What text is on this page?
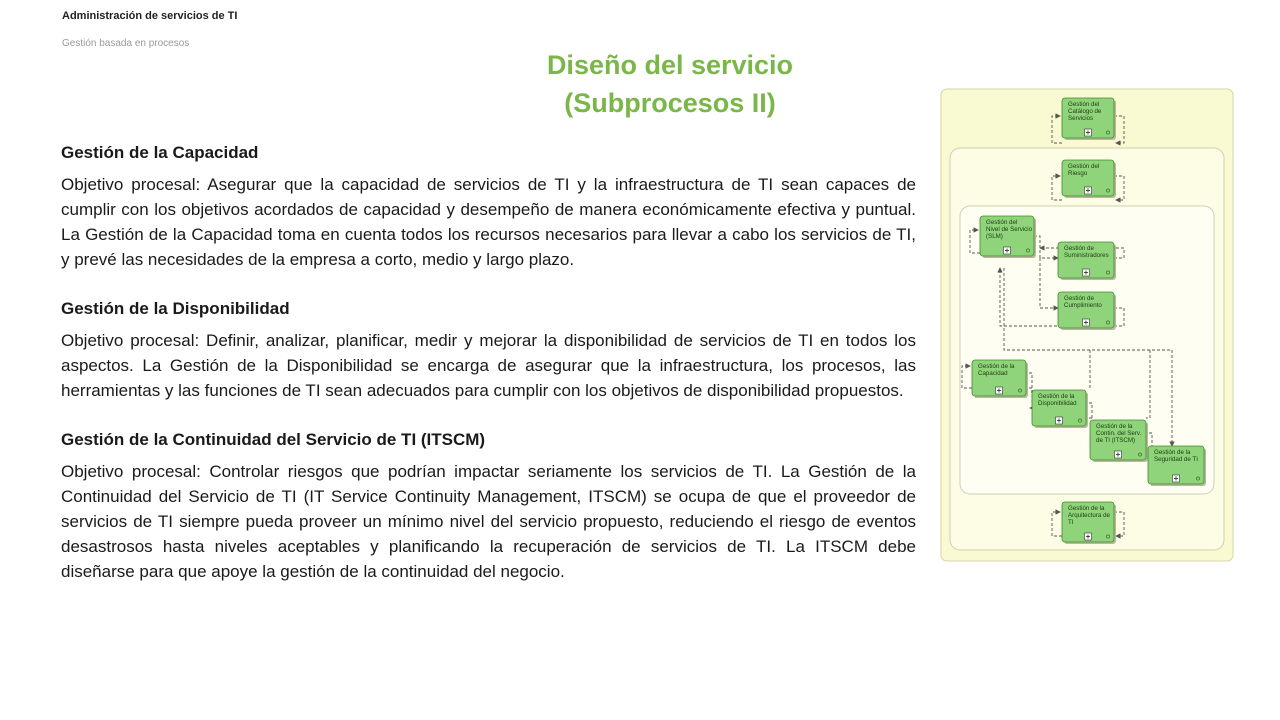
Administración de servicios de TI
Gestión basada en procesos
Diseño del servicio
(Subprocesos II)
Gestión de la Capacidad

Objetivo procesal: Asegurar que la capacidad de servicios de TI y la infraestructura de TI sean capaces de cumplir con los objetivos acordados de capacidad y desempeño de manera económicamente efectiva y puntual. La Gestión de la Capacidad toma en cuenta todos los recursos necesarios para llevar a cabo los servicios de TI, y prevé las necesidades de la empresa a corto, medio y largo plazo.

Gestión de la Disponibilidad

Objetivo procesal: Definir, analizar, planificar, medir y mejorar la disponibilidad de servicios de TI en todos los aspectos. La Gestión de la Disponibilidad se encarga de asegurar que la infraestructura, los procesos, las herramientas y las funciones de TI sean adecuados para cumplir con los objetivos de disponibilidad propuestos.

Gestión de la Continuidad del Servicio de TI (ITSCM)

Objetivo procesal: Controlar riesgos que podrían impactar seriamente los servicios de TI. La Gestión de la Continuidad del Servicio de TI (IT Service Continuity Management, ITSCM) se ocupa de que el proveedor de servicios de TI siempre pueda proveer un mínimo nivel del servicio propuesto, reduciendo el riesgo de eventos desastrosos hasta niveles aceptables y planificando la recuperación de servicios de TI. La ITSCM debe diseñarse para que apoye la gestión de la continuidad del negocio.

Gestión del
Catálogo de
Servicios
Gestión del
Riesgo
Gestión del
Nivel de Servicio
(SLM)
Gestión de
Suministradores
Gestión de
Cumplimiento
Gestión de la
Capacidad
Gestión de la
Disponibilidad
Gestión de la
Contin. del Serv.
de TI (ITSCM)
Gestión de la
Seguridad de TI
Gestión de la
Arquitectura de
TI
